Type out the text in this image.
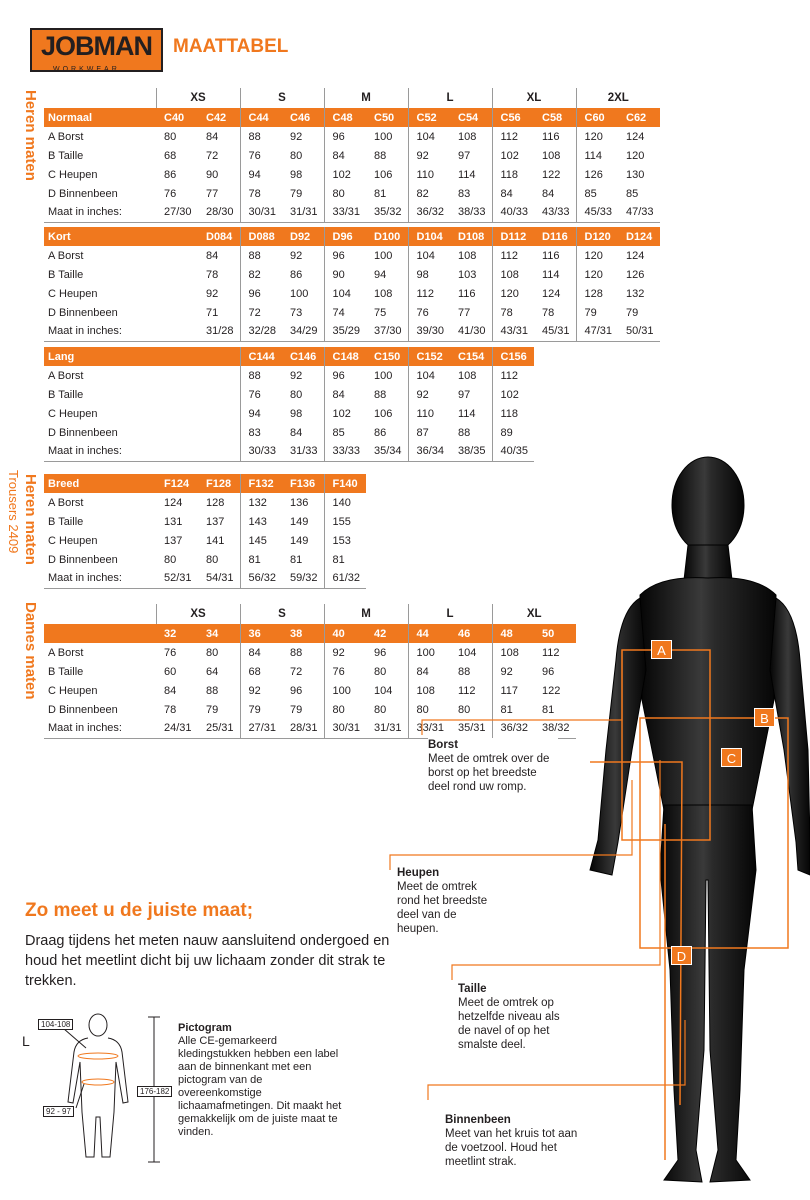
JOBMAN
WORKWEAR
MAATTABEL
Heren maten
Heren maten
Trousers 2409
Dames maten
	XS		S		M		L		XL		2XL	
Normaal	C40	C42	C44	C46	C48	C50	C52	C54	C56	C58	C60	C62
A Borst	80	84	88	92	96	100	104	108	112	116	120	124
B Taille	68	72	76	80	84	88	92	97	102	108	114	120
C Heupen	86	90	94	98	102	106	110	114	118	122	126	130
D Binnenbeen	76	77	78	79	80	81	82	83	84	84	85	85
Maat in inches:	27/30	28/30	30/31	31/31	33/31	35/32	36/32	38/33	40/33	43/33	45/33	47/33
Kort		D084	D088	D92	D96	D100	D104	D108	D112	D116	D120	D124
A Borst		84	88	92	96	100	104	108	112	116	120	124
B Taille		78	82	86	90	94	98	103	108	114	120	126
C Heupen		92	96	100	104	108	112	116	120	124	128	132
D Binnenbeen		71	72	73	74	75	76	77	78	78	79	79
Maat in inches:		31/28	32/28	34/29	35/29	37/30	39/30	41/30	43/31	45/31	47/31	50/31
Lang			C144	C146	C148	C150	C152	C154	C156
A Borst			88	92	96	100	104	108	112
B Taille			76	80	84	88	92	97	102
C Heupen			94	98	102	106	110	114	118
D Binnenbeen			83	84	85	86	87	88	89
Maat in inches:			30/33	31/33	33/33	35/34	36/34	38/35	40/35
Breed	F124	F128	F132	F136	F140
A Borst	124	128	132	136	140
B Taille	131	137	143	149	155
C Heupen	137	141	145	149	153
D Binnenbeen	80	80	81	81	81
Maat in inches:	52/31	54/31	56/32	59/32	61/32
	XS		S		M		L		XL	
	32	34	36	38	40	42	44	46	48	50
A Borst	76	80	84	88	92	96	100	104	108	112
B Taille	60	64	68	72	76	80	84	88	92	96
C Heupen	84	88	92	96	100	104	108	112	117	122
D Binnenbeen	78	79	79	79	80	80	80	80	81	81
Maat in inches:	24/31	25/31	27/31	28/31	30/31	31/31	33/31	35/31	36/32	38/32
A
B
C
D
Borst
Meet de omtrek over de borst op het breedste deel rond uw romp.
Heupen
Meet de omtrek rond het breedste deel van de heupen.
Taille
Meet de omtrek op hetzelfde niveau als de navel of op het smalste deel.
Binnenbeen
Meet van het kruis tot aan de voetzool. Houd het meetlint strak.
Zo meet u de juiste maat;
Draag tijdens het meten nauw aansluitend ondergoed en houd het meetlint dicht bij uw lichaam zonder dit strak te trekken.
L
104-108
92 - 97
176-182
Pictogram
Alle CE-gemarkeerd kledingstukken hebben een label aan de binnenkant met een pictogram van de overeenkomstige lichaamafmetingen. Dit maakt het gemakkelijk om de juiste maat te vinden.
